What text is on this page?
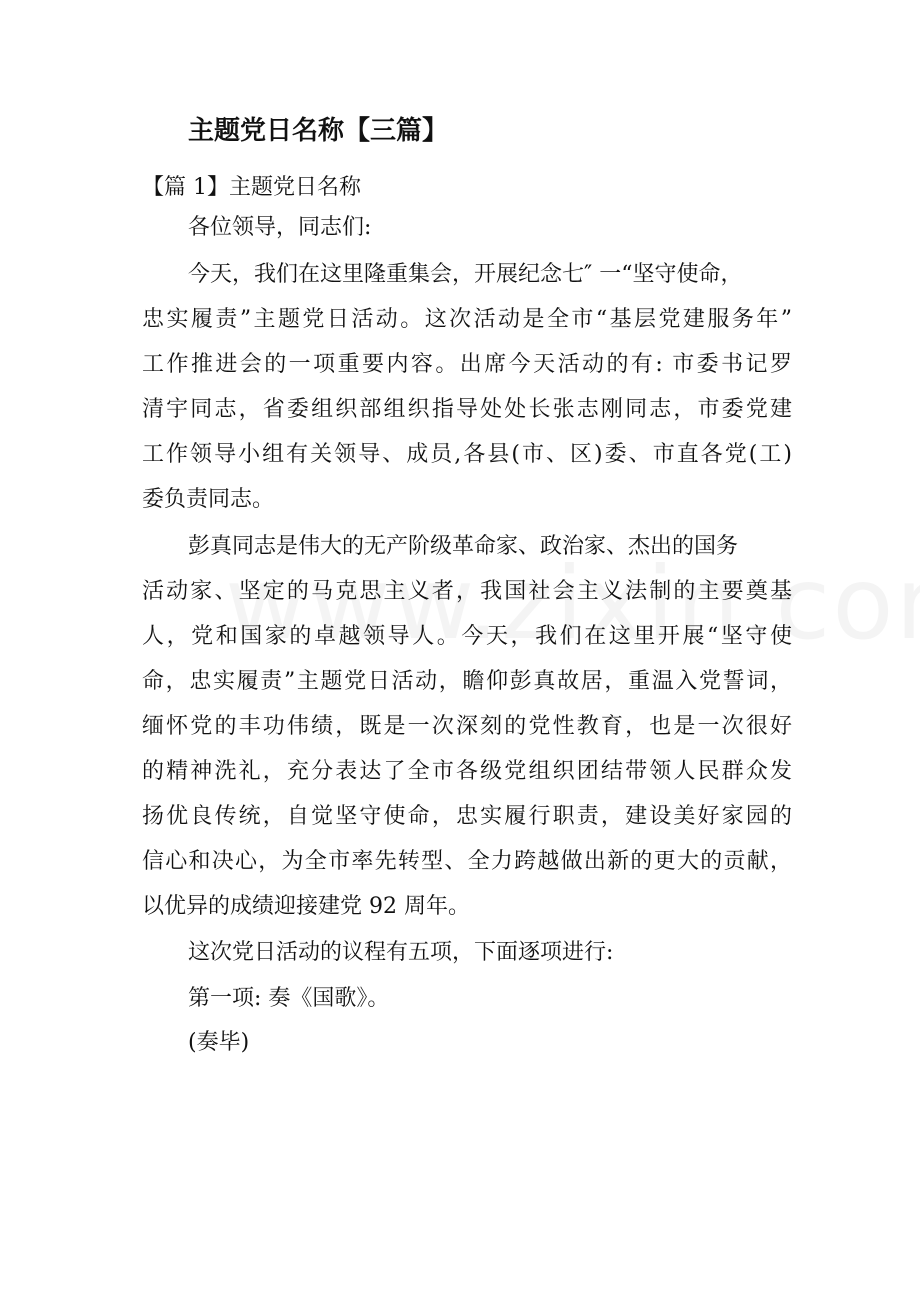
主题党日名称【三篇】
【篇 1】主题党日名称
各位领导，同志们:
今天，我们在这里隆重集会，开展纪念七″ 一“坚守使命，
忠实履责”主题党日活动。这次活动是全市“基层党建服务年”
工作推进会的一项重要内容。出席今天活动的有: 市委书记罗
清宇同志，省委组织部组织指导处处长张志刚同志，市委党建
工作领导小组有关领导、成员,各县(市、区)委、市直各党(工)
委负责同志。
彭真同志是伟大的无产阶级革命家、政治家、杰出的国务
活动家、坚定的马克思主义者，我国社会主义法制的主要奠基
人，党和国家的卓越领导人。今天，我们在这里开展“坚守使
命，忠实履责”主题党日活动，瞻仰彭真故居，重温入党誓词，
缅怀党的丰功伟绩，既是一次深刻的党性教育，也是一次很好
的精神洗礼，充分表达了全市各级党组织团结带领人民群众发
扬优良传统，自觉坚守使命，忠实履行职责，建设美好家园的
信心和决心，为全市率先转型、全力跨越做出新的更大的贡献，
以优异的成绩迎接建党 92 周年。
这次党日活动的议程有五项，下面逐项进行:
第一项: 奏《国歌》。
(奏毕)
